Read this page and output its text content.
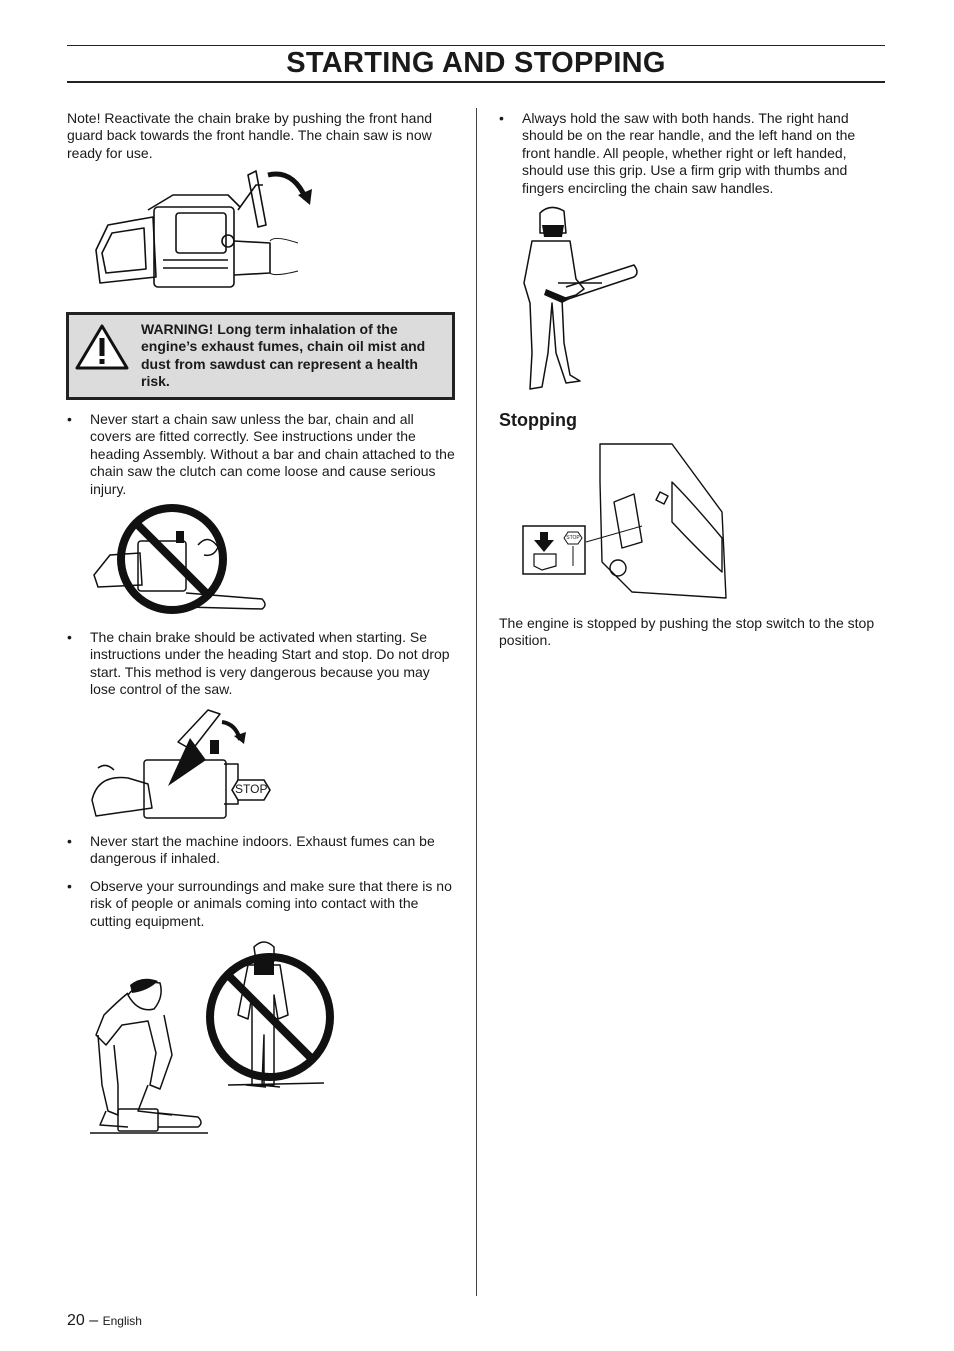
STARTING AND STOPPING

Note! Reactivate the chain brake by pushing the front hand guard back towards the front handle. The chain saw is now ready for use.

WARNING! Long term inhalation of the engine’s exhaust fumes, chain oil mist and dust from sawdust can represent a health risk.

• Never start a chain saw unless the bar, chain and all covers are fitted correctly. See instructions under the heading Assembly. Without a bar and chain attached to the chain saw the clutch can come loose and cause serious injury.
• The chain brake should be activated when starting. Se instructions under the heading Start and stop. Do not drop start. This method is very dangerous because you may lose control of the saw.
STOP
• Never start the machine indoors. Exhaust fumes can be dangerous if inhaled.
• Observe your surroundings and make sure that there is no risk of people or animals coming into contact with the cutting equipment.
• Always hold the saw with both hands. The right hand should be on the rear handle, and the left hand on the front handle. All people, whether right or left handed, should use this grip. Use a firm grip with thumbs and fingers encircling the chain saw handles.
Stopping
STOP

The engine is stopped by pushing the stop switch to the stop position.

20 – English
